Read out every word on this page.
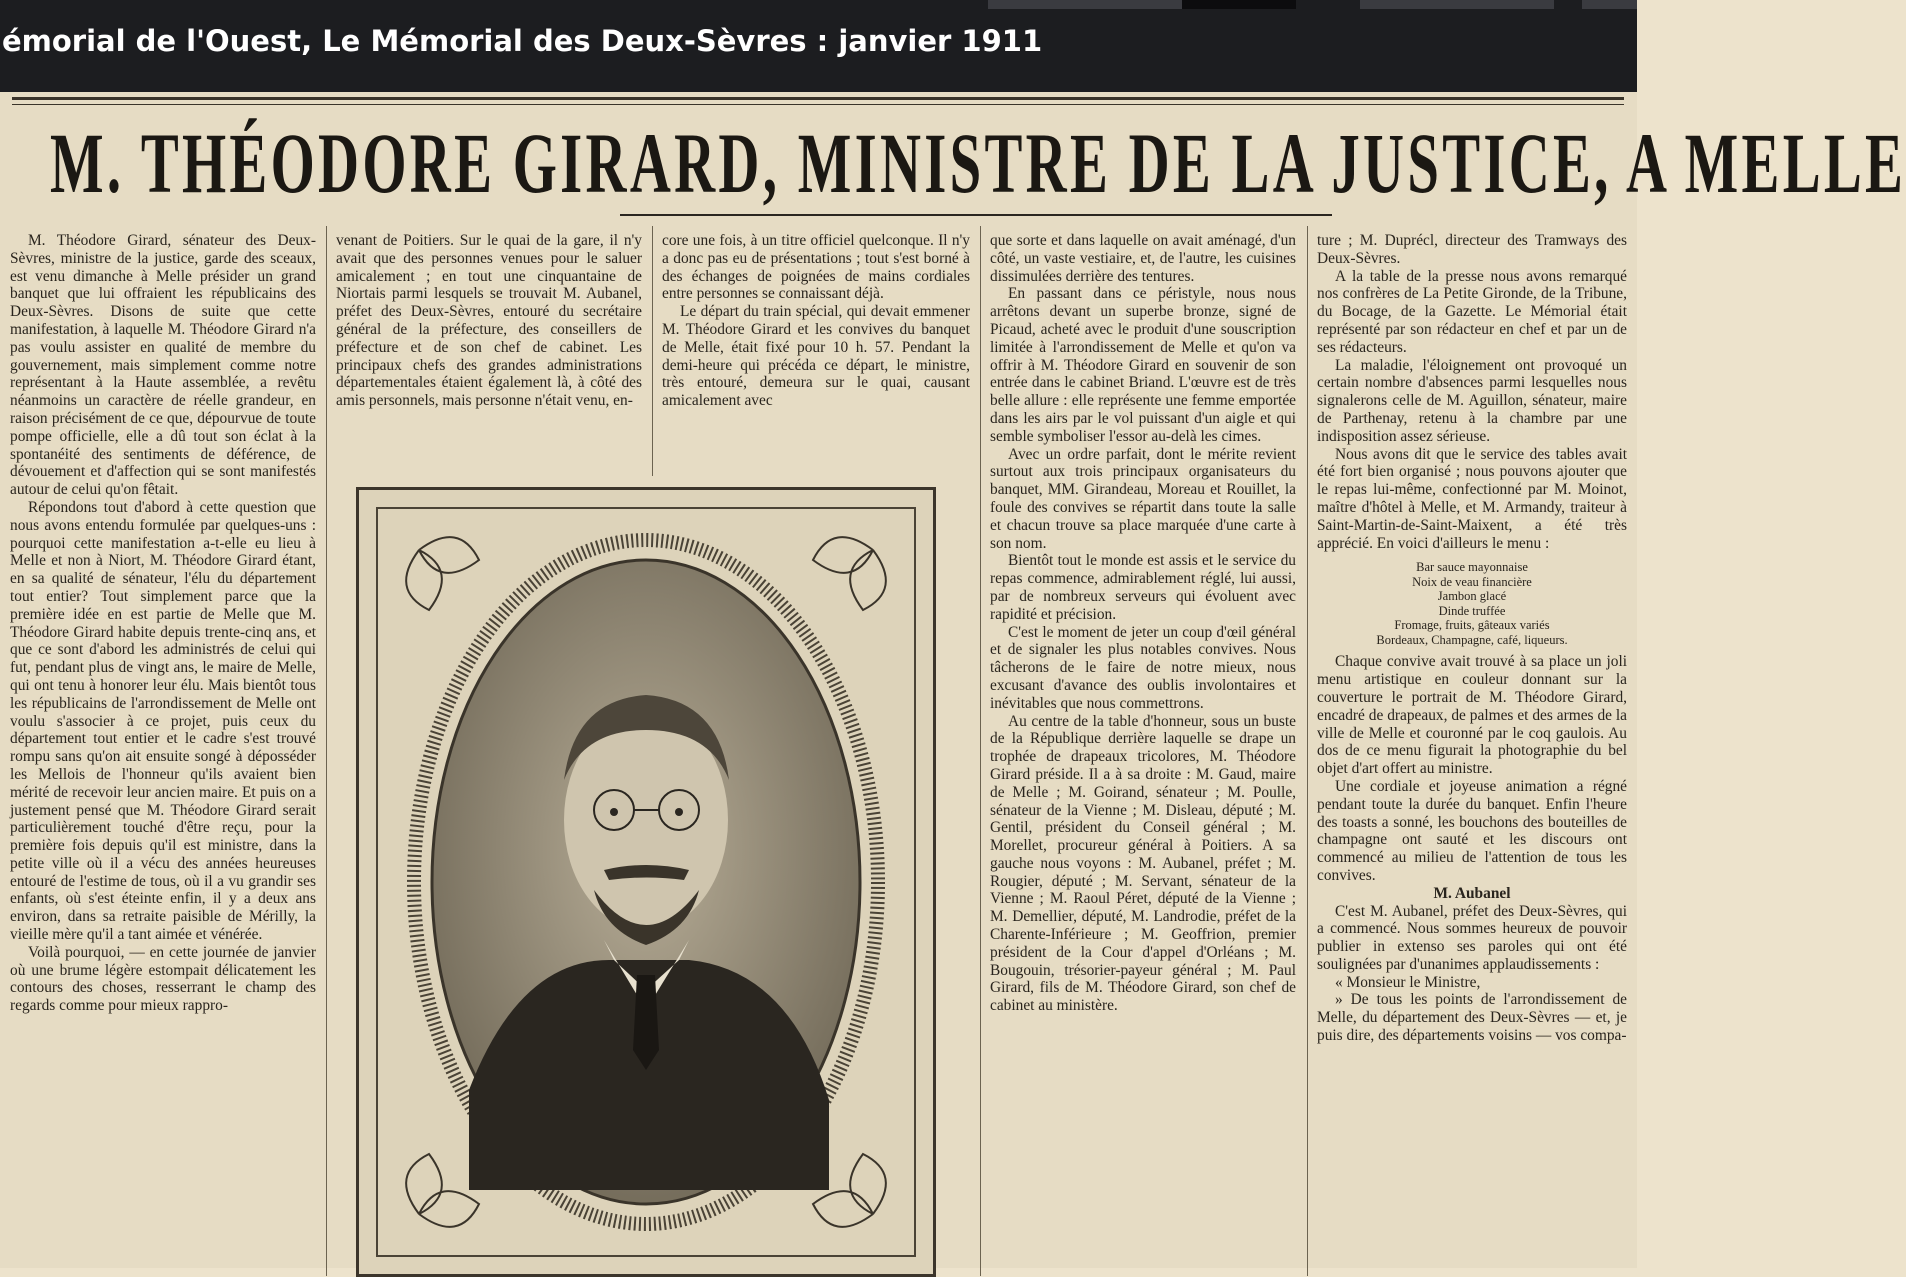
émorial de l'Ouest, Le Mémorial des Deux-Sèvres : janvier 1911
M. THÉODORE GIRARD, MINISTRE DE LA JUSTICE, A MELLE

M. Théodore Girard, sénateur des Deux-Sèvres, ministre de la justice, garde des sceaux, est venu dimanche à Melle présider un grand banquet que lui offraient les républicains des Deux-Sèvres. Disons de suite que cette manifestation, à laquelle M. Théodore Girard n'a pas voulu assister en qualité de membre du gouvernement, mais simplement comme notre représentant à la Haute assemblée, a revêtu néanmoins un caractère de réelle grandeur, en raison précisément de ce que, dépourvue de toute pompe officielle, elle a dû tout son éclat à la spontanéité des sentiments de déférence, de dévouement et d'affection qui se sont manifestés autour de celui qu'on fêtait.

Répondons tout d'abord à cette question que nous avons entendu formulée par quelques-uns : pourquoi cette manifestation a-t-elle eu lieu à Melle et non à Niort, M. Théodore Girard étant, en sa qualité de sénateur, l'élu du département tout entier? Tout simplement parce que la première idée en est partie de Melle que M. Théodore Girard habite depuis trente-cinq ans, et que ce sont d'abord les administrés de celui qui fut, pendant plus de vingt ans, le maire de Melle, qui ont tenu à honorer leur élu. Mais bientôt tous les républicains de l'arrondissement de Melle ont voulu s'associer à ce projet, puis ceux du département tout entier et le cadre s'est trouvé rompu sans qu'on ait ensuite songé à déposséder les Mellois de l'honneur qu'ils avaient bien mérité de recevoir leur ancien maire. Et puis on a justement pensé que M. Théodore Girard serait particulièrement touché d'être reçu, pour la première fois depuis qu'il est ministre, dans la petite ville où il a vécu des années heureuses entouré de l'estime de tous, où il a vu grandir ses enfants, où s'est éteinte enfin, il y a deux ans environ, dans sa retraite paisible de Mérilly, la vieille mère qu'il a tant aimée et vénérée.

Voilà pourquoi, — en cette journée de janvier où une brume légère estompait délicatement les contours des choses, resserrant le champ des regards comme pour mieux rappro-

venant de Poitiers. Sur le quai de la gare, il n'y avait que des personnes venues pour le saluer amicalement ; en tout une cinquantaine de Niortais parmi lesquels se trouvait M. Aubanel, préfet des Deux-Sèvres, entouré du secrétaire général de la préfecture, des conseillers de préfecture et de son chef de cabinet. Les principaux chefs des grandes administrations départementales étaient également là, à côté des amis personnels, mais personne n'était venu, en-

core une fois, à un titre officiel quelconque. Il n'y a donc pas eu de présentations ; tout s'est borné à des échanges de poignées de mains cordiales entre personnes se connaissant déjà.

Le départ du train spécial, qui devait emmener M. Théodore Girard et les convives du banquet de Melle, était fixé pour 10 h. 57. Pendant la demi-heure qui précéda ce départ, le ministre, très entouré, demeura sur le quai, causant amicalement avec

que sorte et dans laquelle on avait aménagé, d'un côté, un vaste vestiaire, et, de l'autre, les cuisines dissimulées derrière des tentures.

En passant dans ce péristyle, nous nous arrêtons devant un superbe bronze, signé de Picaud, acheté avec le produit d'une souscription limitée à l'arrondissement de Melle et qu'on va offrir à M. Théodore Girard en souvenir de son entrée dans le cabinet Briand. L'œuvre est de très belle allure : elle représente une femme emportée dans les airs par le vol puissant d'un aigle et qui semble symboliser l'essor au-delà les cimes.

Avec un ordre parfait, dont le mérite revient surtout aux trois principaux organisateurs du banquet, MM. Girandeau, Moreau et Rouillet, la foule des convives se répartit dans toute la salle et chacun trouve sa place marquée d'une carte à son nom.

Bientôt tout le monde est assis et le service du repas commence, admirablement réglé, lui aussi, par de nombreux serveurs qui évoluent avec rapidité et précision.

C'est le moment de jeter un coup d'œil général et de signaler les plus notables convives. Nous tâcherons de le faire de notre mieux, nous excusant d'avance des oublis involontaires et inévitables que nous commettrons.

Au centre de la table d'honneur, sous un buste de la République derrière laquelle se drape un trophée de drapeaux tricolores, M. Théodore Girard préside. Il a à sa droite : M. Gaud, maire de Melle ; M. Goirand, sénateur ; M. Poulle, sénateur de la Vienne ; M. Disleau, député ; M. Gentil, président du Conseil général ; M. Morellet, procureur général à Poitiers. A sa gauche nous voyons : M. Aubanel, préfet ; M. Rougier, député ; M. Servant, sénateur de la Vienne ; M. Raoul Péret, député de la Vienne ; M. Demellier, député, M. Landrodie, préfet de la Charente-Inférieure ; M. Geoffrion, premier président de la Cour d'appel d'Orléans ; M. Bougouin, trésorier-payeur général ; M. Paul Girard, fils de M. Théodore Girard, son chef de cabinet au ministère.

ture ; M. Duprécl, directeur des Tramways des Deux-Sèvres.

A la table de la presse nous avons remarqué nos confrères de La Petite Gironde, de la Tribune, du Bocage, de la Gazette. Le Mémorial était représenté par son rédacteur en chef et par un de ses rédacteurs.

La maladie, l'éloignement ont provoqué un certain nombre d'absences parmi lesquelles nous signalerons celle de M. Aguillon, sénateur, maire de Parthenay, retenu à la chambre par une indisposition assez sérieuse.

Nous avons dit que le service des tables avait été fort bien organisé ; nous pouvons ajouter que le repas lui-même, confectionné par M. Moinot, maître d'hôtel à Melle, et M. Armandy, traiteur à Saint-Martin-de-Saint-Maixent, a été très apprécié. En voici d'ailleurs le menu :

Bar sauce mayonnaise
Noix de veau financière
Jambon glacé
Dinde truffée
Fromage, fruits, gâteaux variés
Bordeaux, Champagne, café, liqueurs.

Chaque convive avait trouvé à sa place un joli menu artistique en couleur donnant sur la couverture le portrait de M. Théodore Girard, encadré de drapeaux, de palmes et des armes de la ville de Melle et couronné par le coq gaulois. Au dos de ce menu figurait la photographie du bel objet d'art offert au ministre.

Une cordiale et joyeuse animation a régné pendant toute la durée du banquet. Enfin l'heure des toasts a sonné, les bouchons des bouteilles de champagne ont sauté et les discours ont commencé au milieu de l'attention de tous les convives.

M. Aubanel

C'est M. Aubanel, préfet des Deux-Sèvres, qui a commencé. Nous sommes heureux de pouvoir publier in extenso ses paroles qui ont été soulignées par d'unanimes applaudissements :

« Monsieur le Ministre,

» De tous les points de l'arrondissement de Melle, du département des Deux-Sèvres — et, je puis dire, des départements voisins — vos compa-
